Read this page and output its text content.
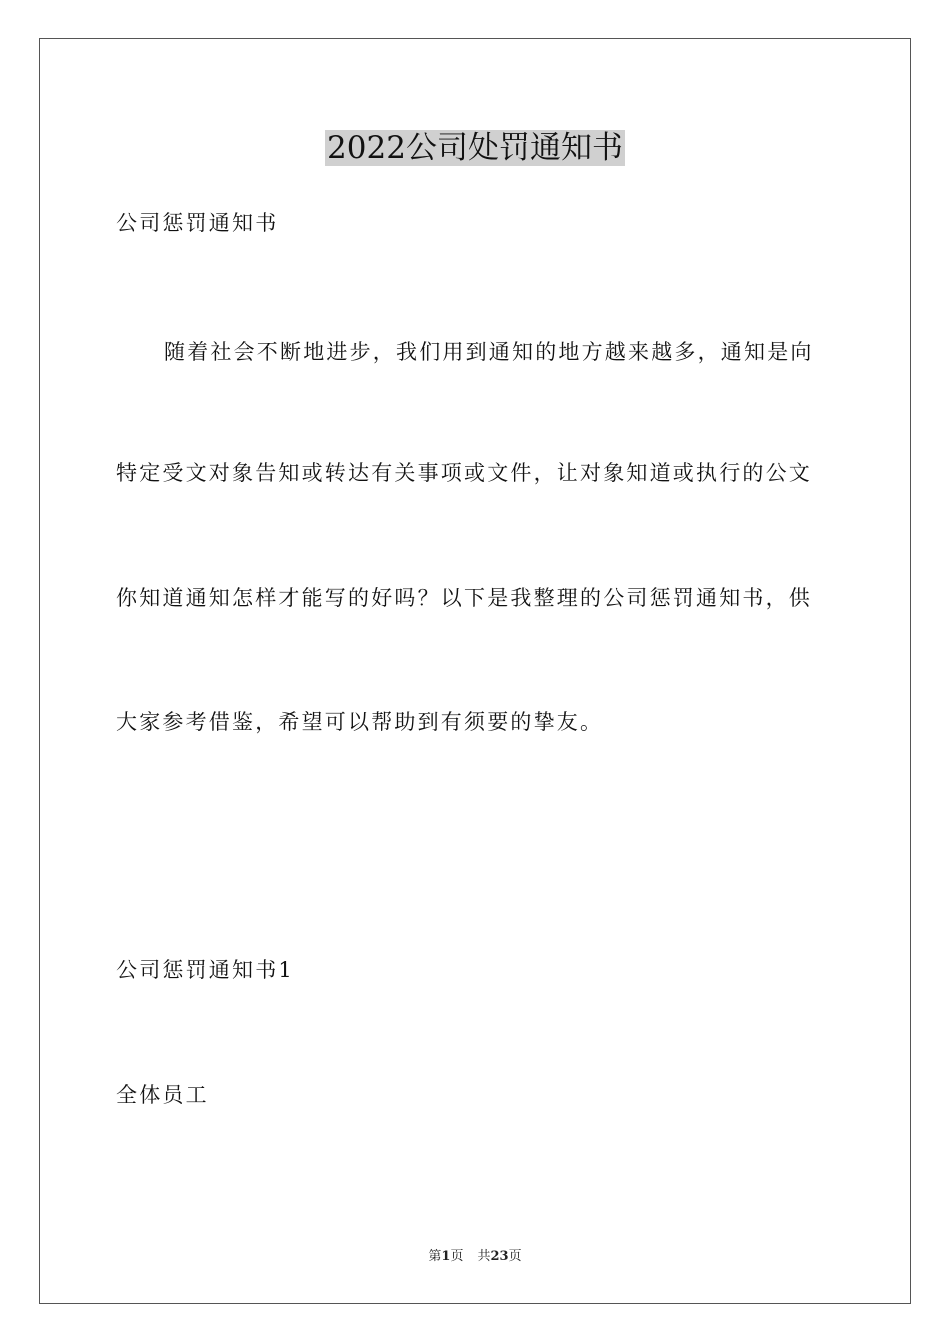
2022公司处罚通知书

公司惩罚通知书

随着社会不断地进步，我们用到通知的地方越来越多，通知是向

特定受文对象告知或转达有关事项或文件，让对象知道或执行的公文

你知道通知怎样才能写的好吗？以下是我整理的公司惩罚通知书，供

大家参考借鉴，希望可以帮助到有须要的挚友。

公司惩罚通知书1

全体员工

第1页 共23页
